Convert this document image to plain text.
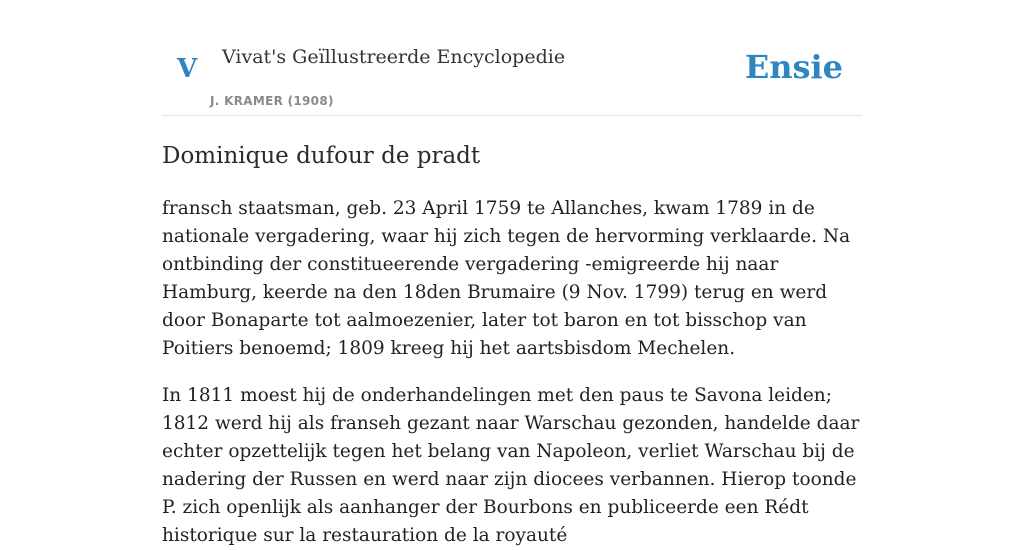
V Vivat's Geïllustreerde Encyclopedie
J. KRAMER (1908)
Ensie
Dominique dufour de pradt

fransch staatsman, geb. 23 April 1759 te Allanches, kwam 1789 in de nationale vergadering, waar hij zich tegen de hervorming verklaarde. Na ontbinding der constitueerende vergadering -emigreerde hij naar Hamburg, keerde na den 18den Brumaire (9 Nov. 1799) terug en werd door Bonaparte tot aalmoezenier, later tot baron en tot bisschop van Poitiers benoemd; 1809 kreeg hij het aartsbisdom Mechelen.

In 1811 moest hij de onderhandelingen met den paus te Savona leiden; 1812 werd hij als franseh gezant naar Warschau gezonden, handelde daar echter opzettelijk tegen het belang van Napoleon, verliet Warschau bij de nadering der Russen en werd naar zijn diocees verbannen. Hierop toonde P. zich openlijk als aanhanger der Bourbons en publiceerde een Rédt historique sur la restauration de la royauté
